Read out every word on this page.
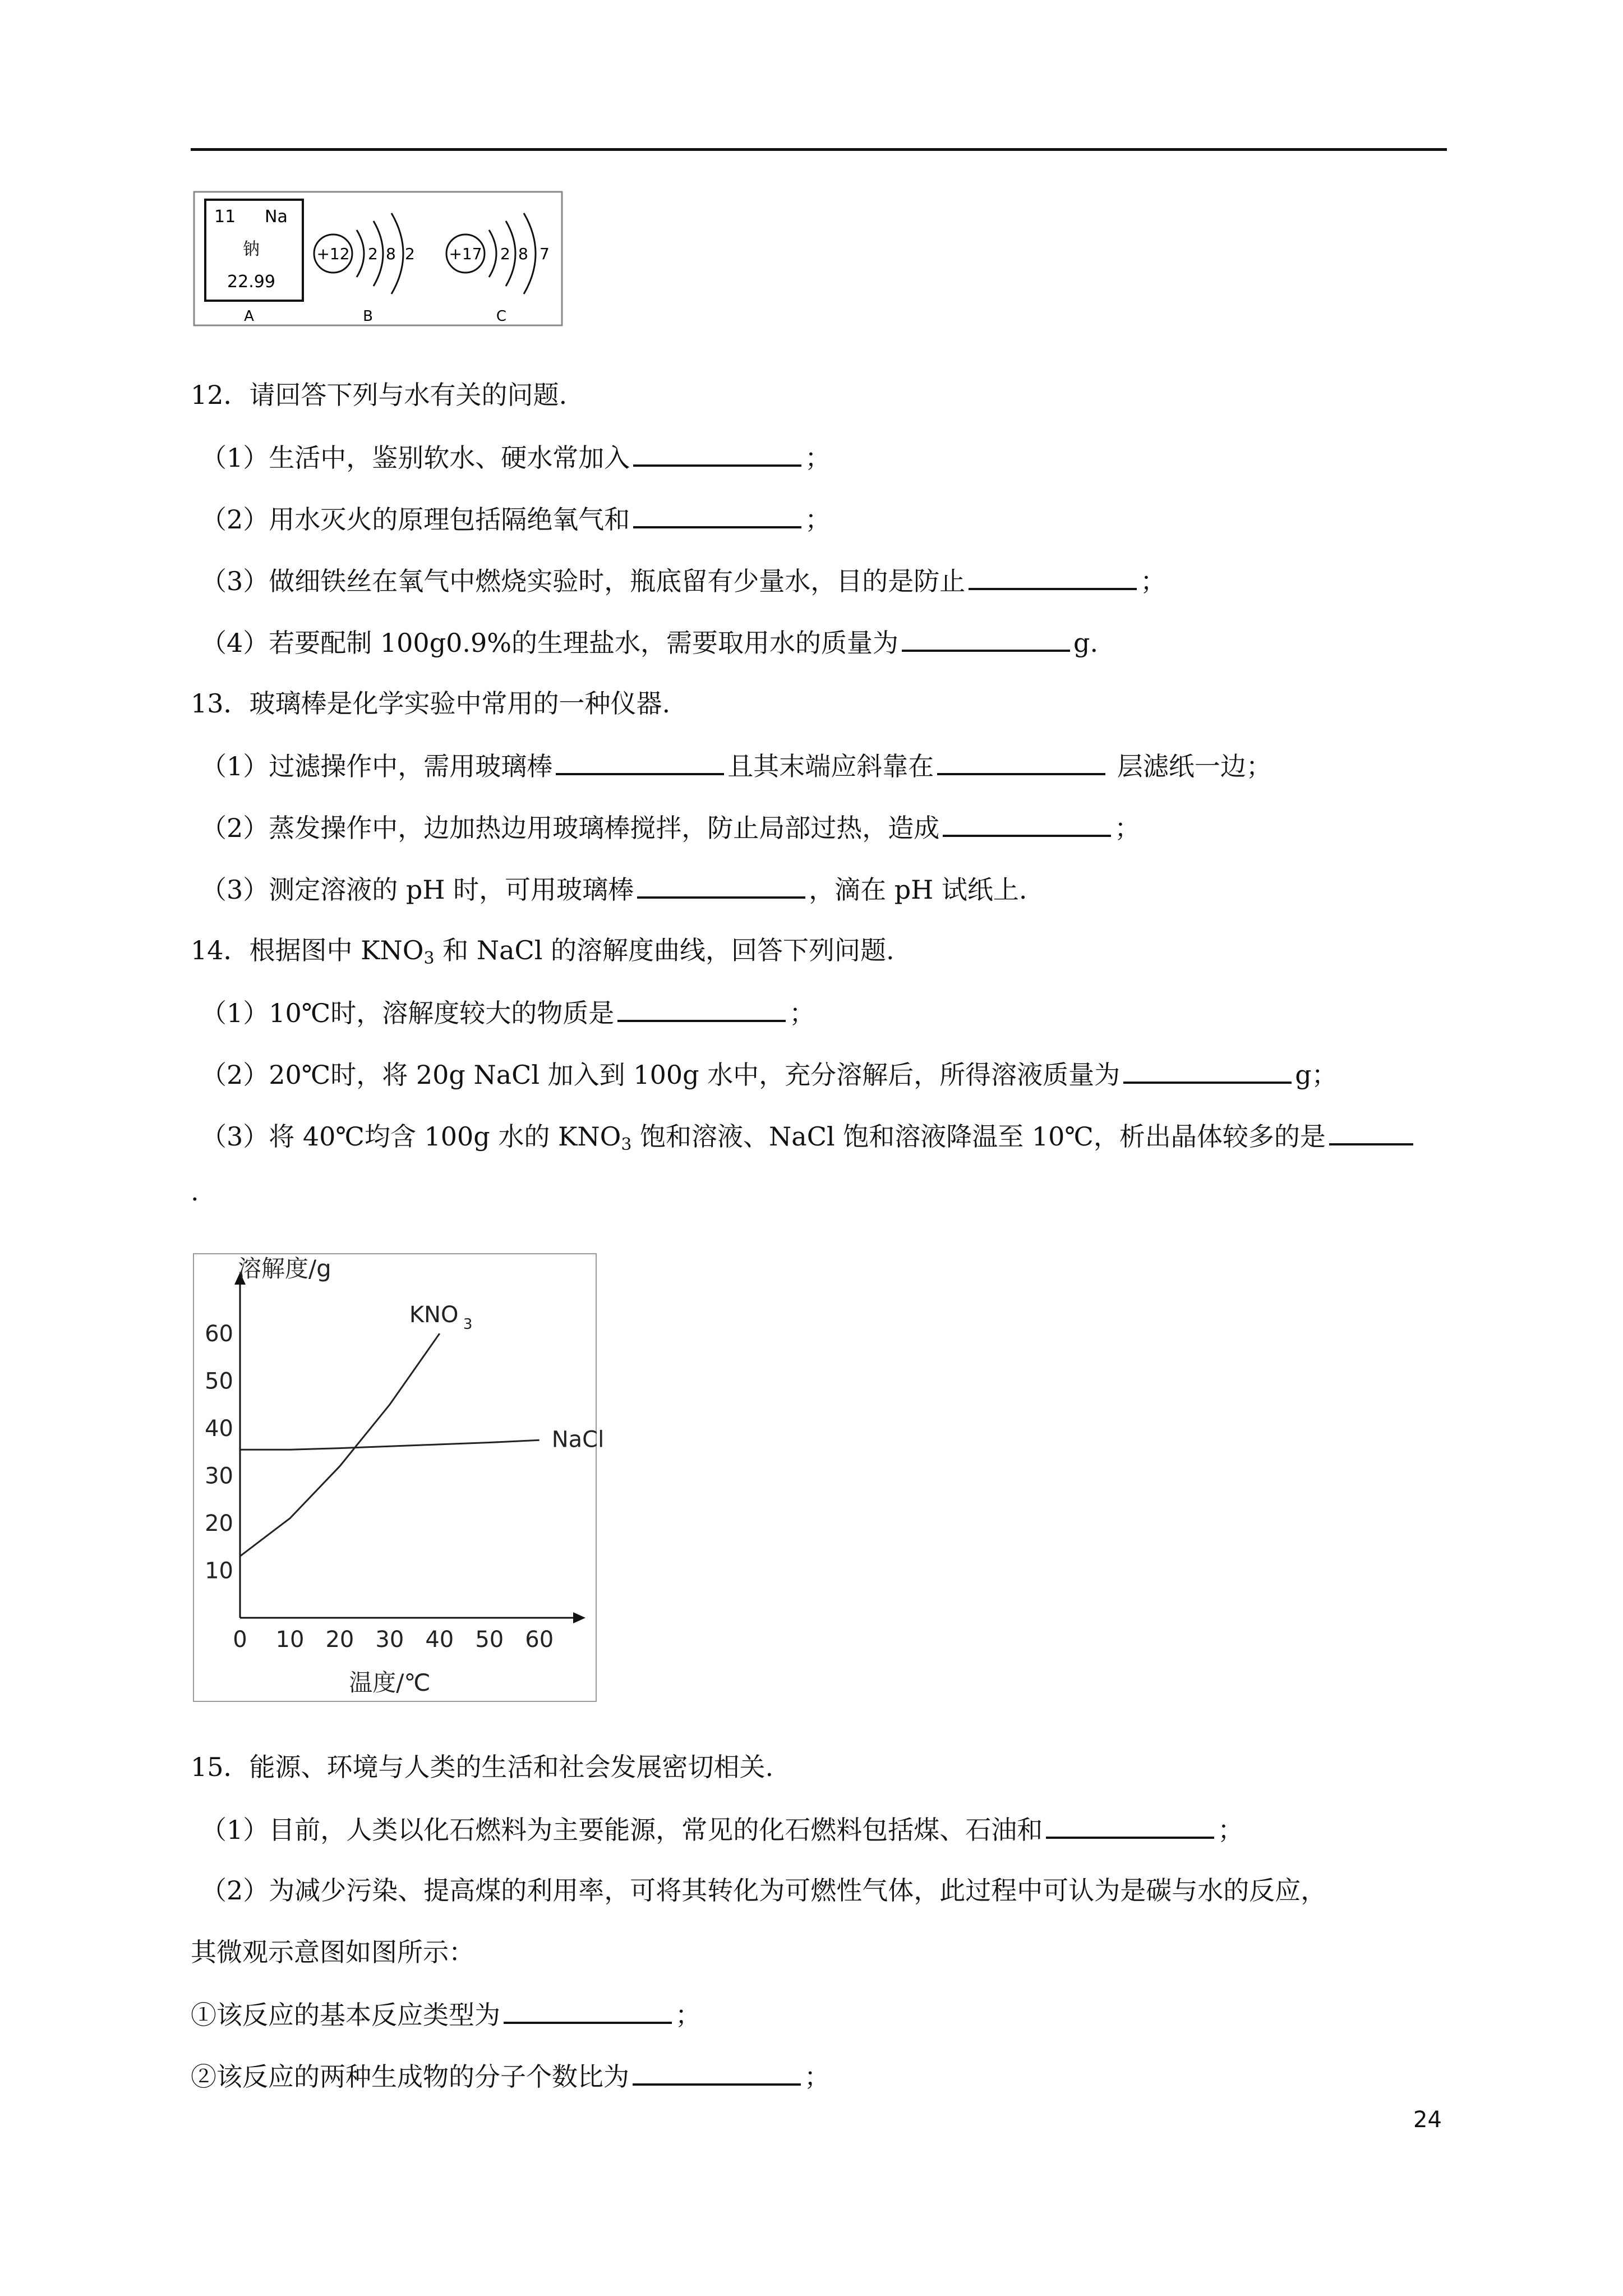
11 Na
钠
22.99
A
+12 2 8 2
B
+17 2 8 7
C
12．请回答下列与水有关的问题.
（1）生活中，鉴别软水、硬水常加入	；
（2）用水灭火的原理包括隔绝氧气和	；
（3）做细铁丝在氧气中燃烧实验时，瓶底留有少量水，目的是防止	；
（4）若要配制 100g0.9%的生理盐水，需要取用水的质量为	g.
13．玻璃棒是化学实验中常用的一种仪器.
（1）过滤操作中，需用玻璃棒	且其末端应斜靠在	层滤纸一边；
（2）蒸发操作中，边加热边用玻璃棒搅拌，防止局部过热，造成	；
（3）测定溶液的 pH 时，可用玻璃棒	，滴在 pH 试纸上.
14．根据图中 $KNO_3$ 和 NaCl 的溶解度曲线，回答下列问题.
（1）10℃时，溶解度较大的物质是	；
（2）20℃时，将 20g NaCl 加入到 100g 水中，充分溶解后，所得溶液质量为	g；
（3）将 40℃均含 100g 水的 $KNO_3$ 饱和溶液、NaCl 饱和溶液降温至 10℃，析出晶体较多的是
.
0 10 20 30 40 50 60
10
20
30
40
50
60
溶解度/g
温度/℃
KNO 3
NaCl
15．能源、环境与人类的生活和社会发展密切相关.
（1）目前，人类以化石燃料为主要能源，常见的化石燃料包括煤、石油和	；
（2）为减少污染、提高煤的利用率，可将其转化为可燃性气体，此过程中可认为是碳与水的反应，
其微观示意图如图所示：
①该反应的基本反应类型为	；
②该反应的两种生成物的分子个数比为	；
24
